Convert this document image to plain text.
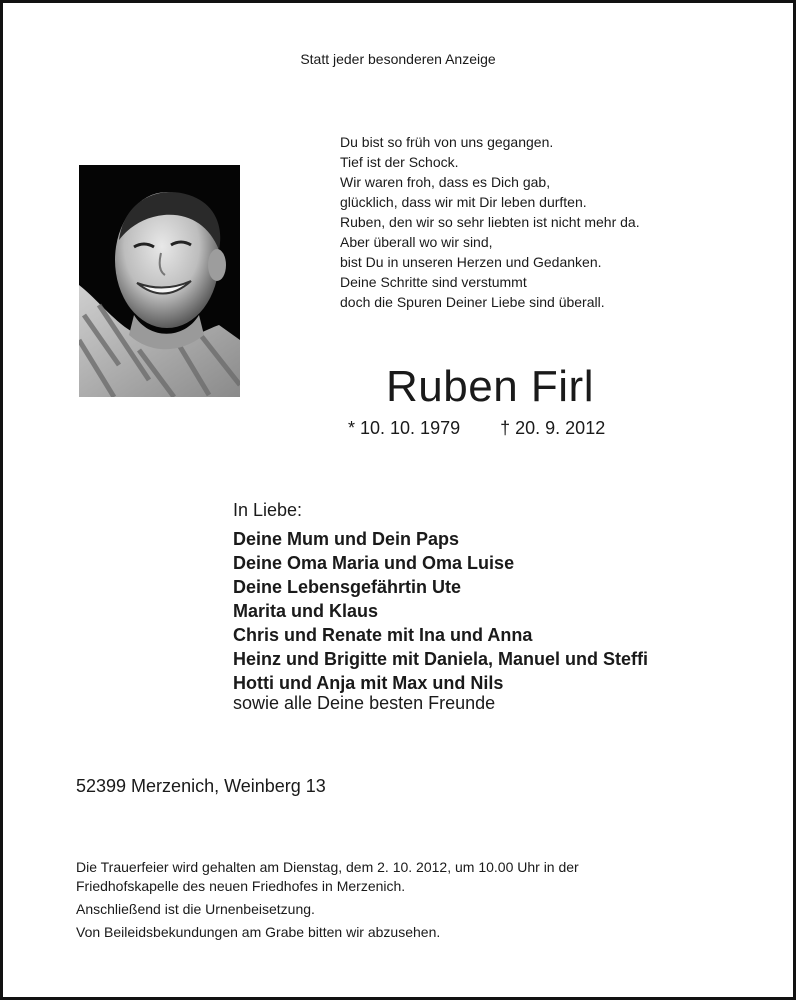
Statt jeder besonderen Anzeige
Du bist so früh von uns gegangen.
Tief ist der Schock.
Wir waren froh, dass es Dich gab,
glücklich, dass wir mit Dir leben durften.
Ruben, den wir so sehr liebten ist nicht mehr da.
Aber überall wo wir sind,
bist Du in unseren Herzen und Gedanken.
Deine Schritte sind verstummt
doch die Spuren Deiner Liebe sind überall.
Ruben Firl
* 10. 10. 1979 † 20. 9. 2012
In Liebe:
Deine Mum und Dein Paps
Deine Oma Maria und Oma Luise
Deine Lebensgefährtin Ute
Marita und Klaus
Chris und Renate mit Ina und Anna
Heinz und Brigitte mit Daniela, Manuel und Steffi
Hotti und Anja mit Max und Nils
sowie alle Deine besten Freunde
52399 Merzenich, Weinberg 13
Die Trauerfeier wird gehalten am Dienstag, dem 2. 10. 2012, um 10.00 Uhr in der
Friedhofskapelle des neuen Friedhofes in Merzenich.
Anschließend ist die Urnenbeisetzung.
Von Beileidsbekundungen am Grabe bitten wir abzusehen.
